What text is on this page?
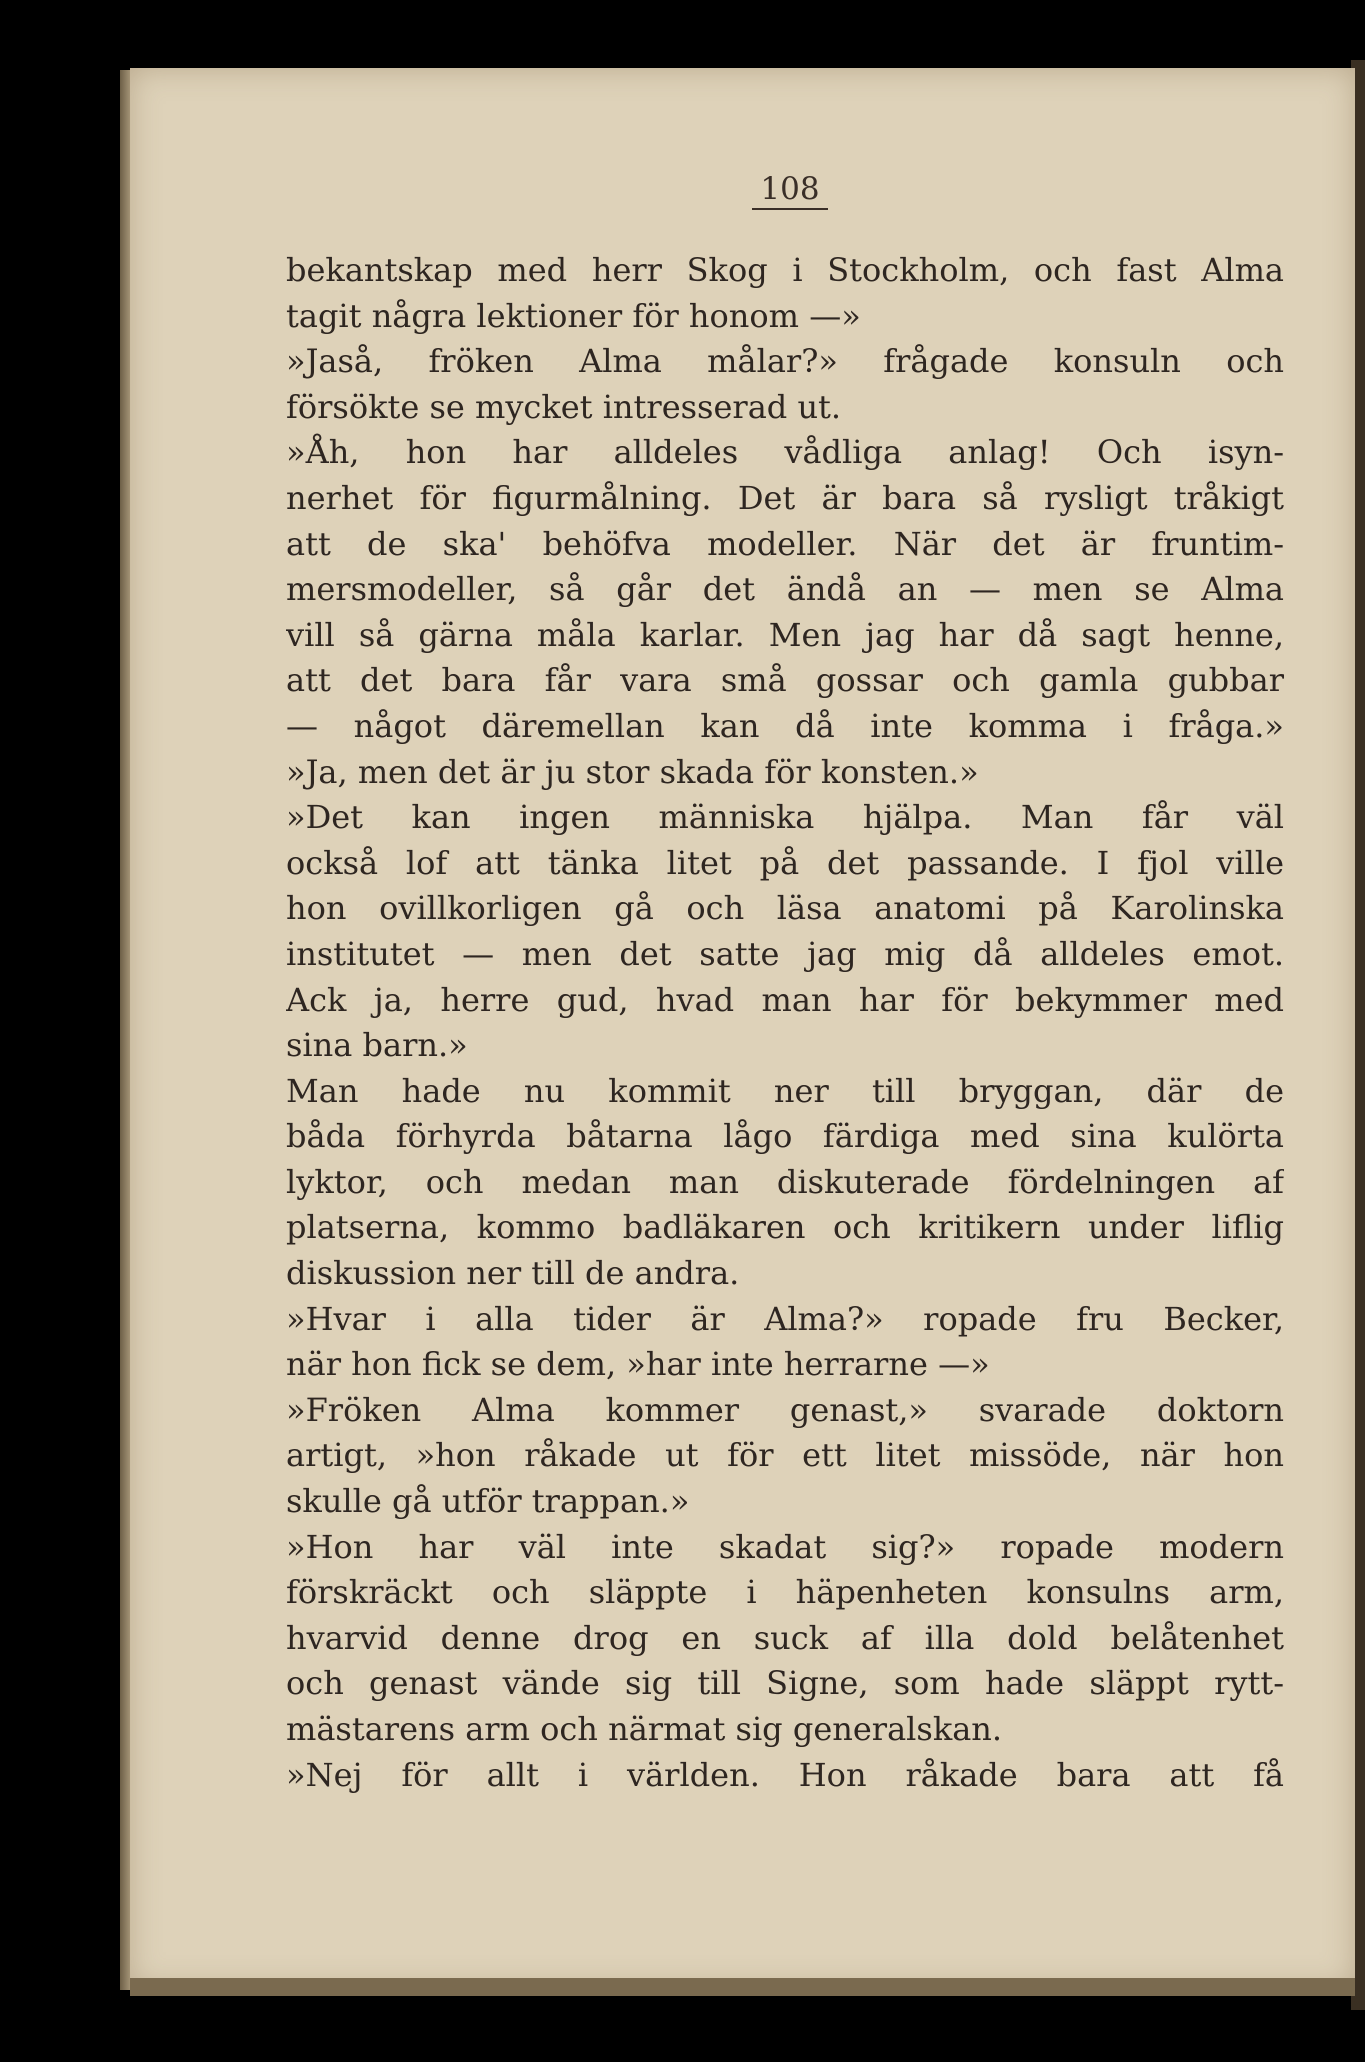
108
bekantskap med herr Skog i Stockholm, och fast Alma
tagit några lektioner för honom —»
»Jaså, fröken Alma målar?» frågade konsuln och
försökte se mycket intresserad ut.
»Åh, hon har alldeles vådliga anlag! Och isyn-
nerhet för figurmålning. Det är bara så rysligt tråkigt
att de ska' behöfva modeller. När det är fruntim-
mersmodeller, så går det ändå an — men se Alma
vill så gärna måla karlar. Men jag har då sagt henne,
att det bara får vara små gossar och gamla gubbar
— något däremellan kan då inte komma i fråga.»
»Ja, men det är ju stor skada för konsten.»
»Det kan ingen människa hjälpa. Man får väl
också lof att tänka litet på det passande. I fjol ville
hon ovillkorligen gå och läsa anatomi på Karolinska
institutet — men det satte jag mig då alldeles emot.
Ack ja, herre gud, hvad man har för bekymmer med
sina barn.»
Man hade nu kommit ner till bryggan, där de
båda förhyrda båtarna lågo färdiga med sina kulörta
lyktor, och medan man diskuterade fördelningen af
platserna, kommo badläkaren och kritikern under liflig
diskussion ner till de andra.
»Hvar i alla tider är Alma?» ropade fru Becker,
när hon fick se dem, »har inte herrarne —»
»Fröken Alma kommer genast,» svarade doktorn
artigt, »hon råkade ut för ett litet missöde, när hon
skulle gå utför trappan.»
»Hon har väl inte skadat sig?» ropade modern
förskräckt och släppte i häpenheten konsulns arm,
hvarvid denne drog en suck af illa dold belåtenhet
och genast vände sig till Signe, som hade släppt rytt-
mästarens arm och närmat sig generalskan.
»Nej för allt i världen. Hon råkade bara att få
